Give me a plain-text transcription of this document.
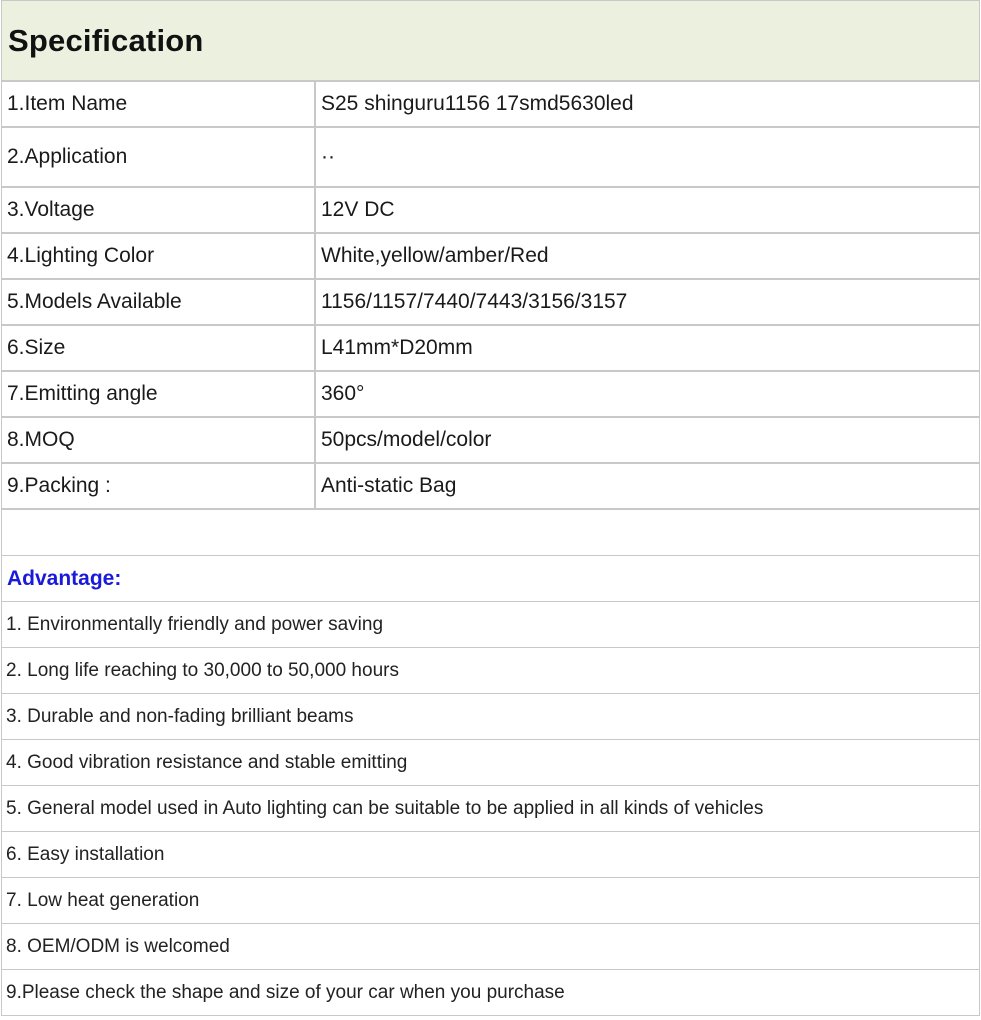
Specification
1.Item Name	S25 shinguru1156 17smd5630led
2.Application	··
3.Voltage	12V DC
4.Lighting Color	White,yellow/amber/Red
5.Models Available	1156/1157/7440/7443/3156/3157
6.Size	L41mm*D20mm
7.Emitting angle	360°
8.MOQ	50pcs/model/color
9.Packing :	Anti-static Bag
Advantage:
1. Environmentally friendly and power saving
2. Long life reaching to 30,000 to 50,000 hours
3. Durable and non-fading brilliant beams
4. Good vibration resistance and stable emitting
5. General model used in Auto lighting can be suitable to be applied in all kinds of vehicles
6. Easy installation
7. Low heat generation
8. OEM/ODM is welcomed
9.Please check the shape and size of your car when you purchase
